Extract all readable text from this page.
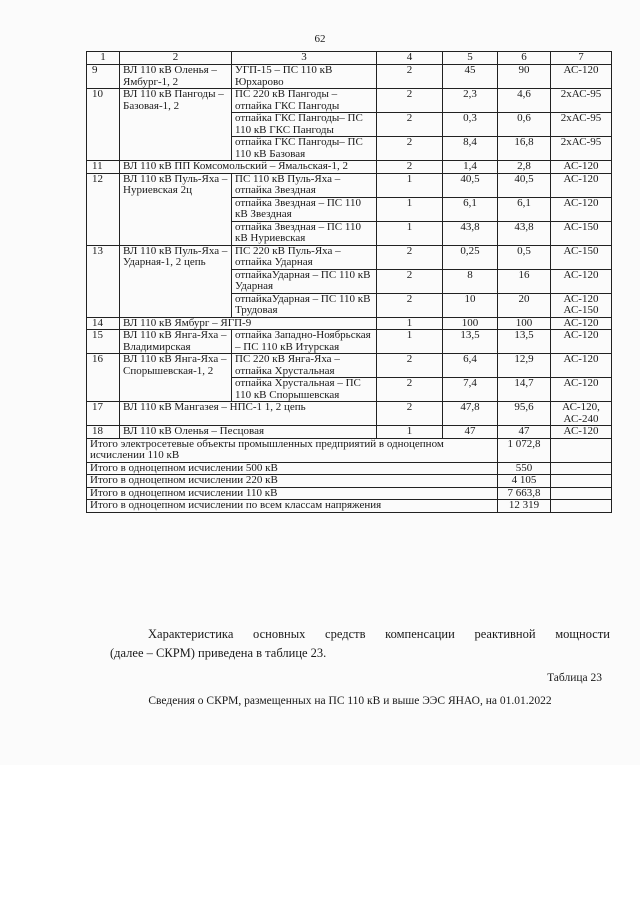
62
1	2	3	4	5	6	7
9	ВЛ 110 кВ Оленья – Ямбург-1, 2	УГП-15 – ПС 110 кВ Юрхарово	2	45	90	АС-120
10	ВЛ 110 кВ Пангоды – Базовая-1, 2	ПС 220 кВ Пангоды – отпайка ГКС Пангоды	2	2,3	4,6	2хАС-95
		отпайка ГКС Пангоды– ПС 110 кВ ГКС Пангоды	2	0,3	0,6	2хАС-95
		отпайка ГКС Пангоды– ПС 110 кВ Базовая	2	8,4	16,8	2хАС-95
11	ВЛ 110 кВ ПП Комсомольский – Ямальская-1, 2		2	1,4	2,8	АС-120
12	ВЛ 110 кВ Пуль-Яха – Нуриевская 2ц	ПС 110 кВ Пуль-Яха – отпайка Звездная	1	40,5	40,5	АС-120
		отпайка Звездная – ПС 110 кВ Звездная	1	6,1	6,1	АС-120
		отпайка Звездная – ПС 110 кВ Нуриевская	1	43,8	43,8	АС-150
13	ВЛ 110 кВ Пуль-Яха – Ударная-1, 2 цепь	ПС 220 кВ Пуль-Яха – отпайка Ударная	2	0,25	0,5	АС-150
		отпайкаУдарная – ПС 110 кВ Ударная	2	8	16	АС-120
		отпайкаУдарная – ПС 110 кВ Трудовая	2	10	20	АС-120 АС-150
14	ВЛ 110 кВ Ямбург – ЯГП-9		1	100	100	АС-120
15	ВЛ 110 кВ Янга-Яха – Владимирская	отпайка Западно-Ноябрьская – ПС 110 кВ Итурская	1	13,5	13,5	АС-120
16	ВЛ 110 кВ Янга-Яха – Спорышевская-1, 2	ПС 220 кВ Янга-Яха – отпайка Хрустальная	2	6,4	12,9	АС-120
		отпайка Хрустальная – ПС 110 кВ Спорышевская	2	7,4	14,7	АС-120
17	ВЛ 110 кВ Мангазея – НПС-1 1, 2 цепь		2	47,8	95,6	АС-120, АС-240
18	ВЛ 110 кВ Оленья – Песцовая		1	47	47	АС-120
Итого электросетевые объекты промышленных предприятий в одноцепном исчислении 110 кВ					1 072,8	
Итого в одноцепном исчислении 500 кВ					550	
Итого в одноцепном исчислении 220 кВ					4 105	
Итого в одноцепном исчислении 110 кВ					7 663,8	
Итого в одноцепном исчислении по всем классам напряжения					12 319	
Характеристика основных средств компенсации реактивной мощности
(далее – СКРМ) приведена в таблице 23.
Таблица 23
Сведения о СКРМ, размещенных на ПС 110 кВ и выше ЭЭС ЯНАО, на 01.01.2022
